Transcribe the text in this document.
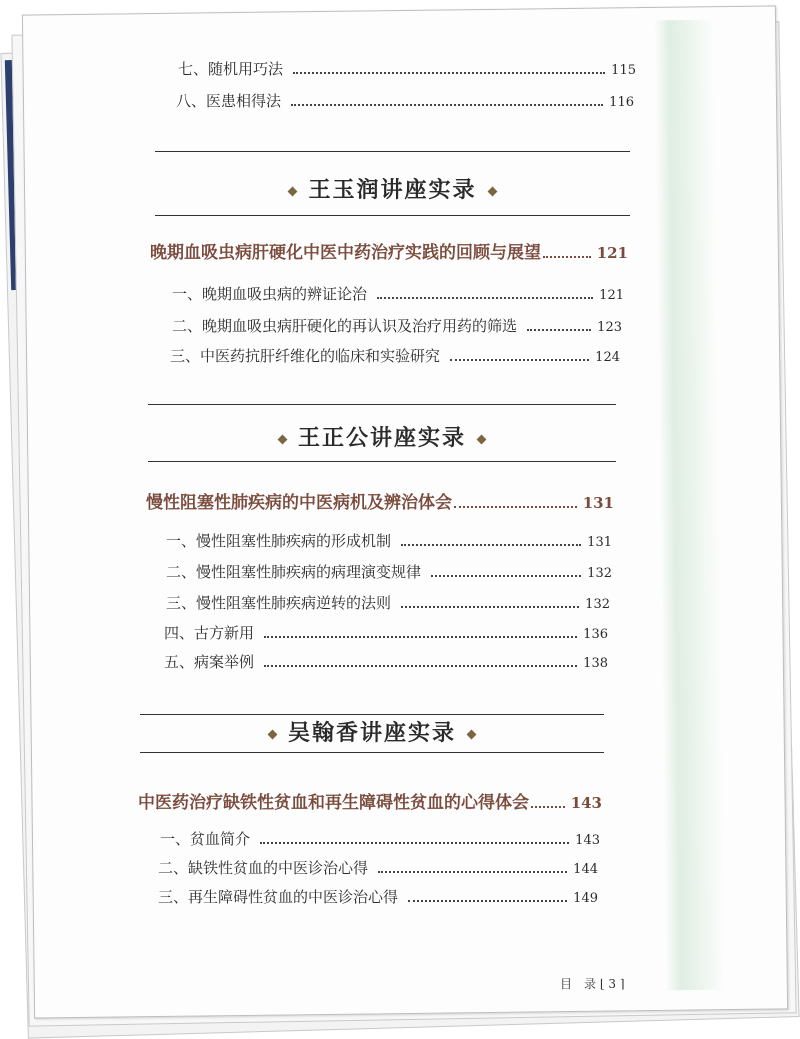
七、随机用巧法	115
八、医患相得法	116
王玉润讲座实录
晚期血吸虫病肝硬化中医中药治疗实践的回顾与展望	121
一、晚期血吸虫病的辨证论治	121
二、晚期血吸虫病肝硬化的再认识及治疗用药的筛选	123
三、中医药抗肝纤维化的临床和实验研究	124
王正公讲座实录
慢性阻塞性肺疾病的中医病机及辨治体会	131
一、慢性阻塞性肺疾病的形成机制	131
二、慢性阻塞性肺疾病的病理演变规律	132
三、慢性阻塞性肺疾病逆转的法则	132
四、古方新用	136
五、病案举例	138
吴翰香讲座实录
中医药治疗缺铁性贫血和再生障碍性贫血的心得体会	143
一、贫血简介	143
二、缺铁性贫血的中医诊治心得	144
三、再生障碍性贫血的中医诊治心得	149
目　录 ⌊ 3 ⌉
